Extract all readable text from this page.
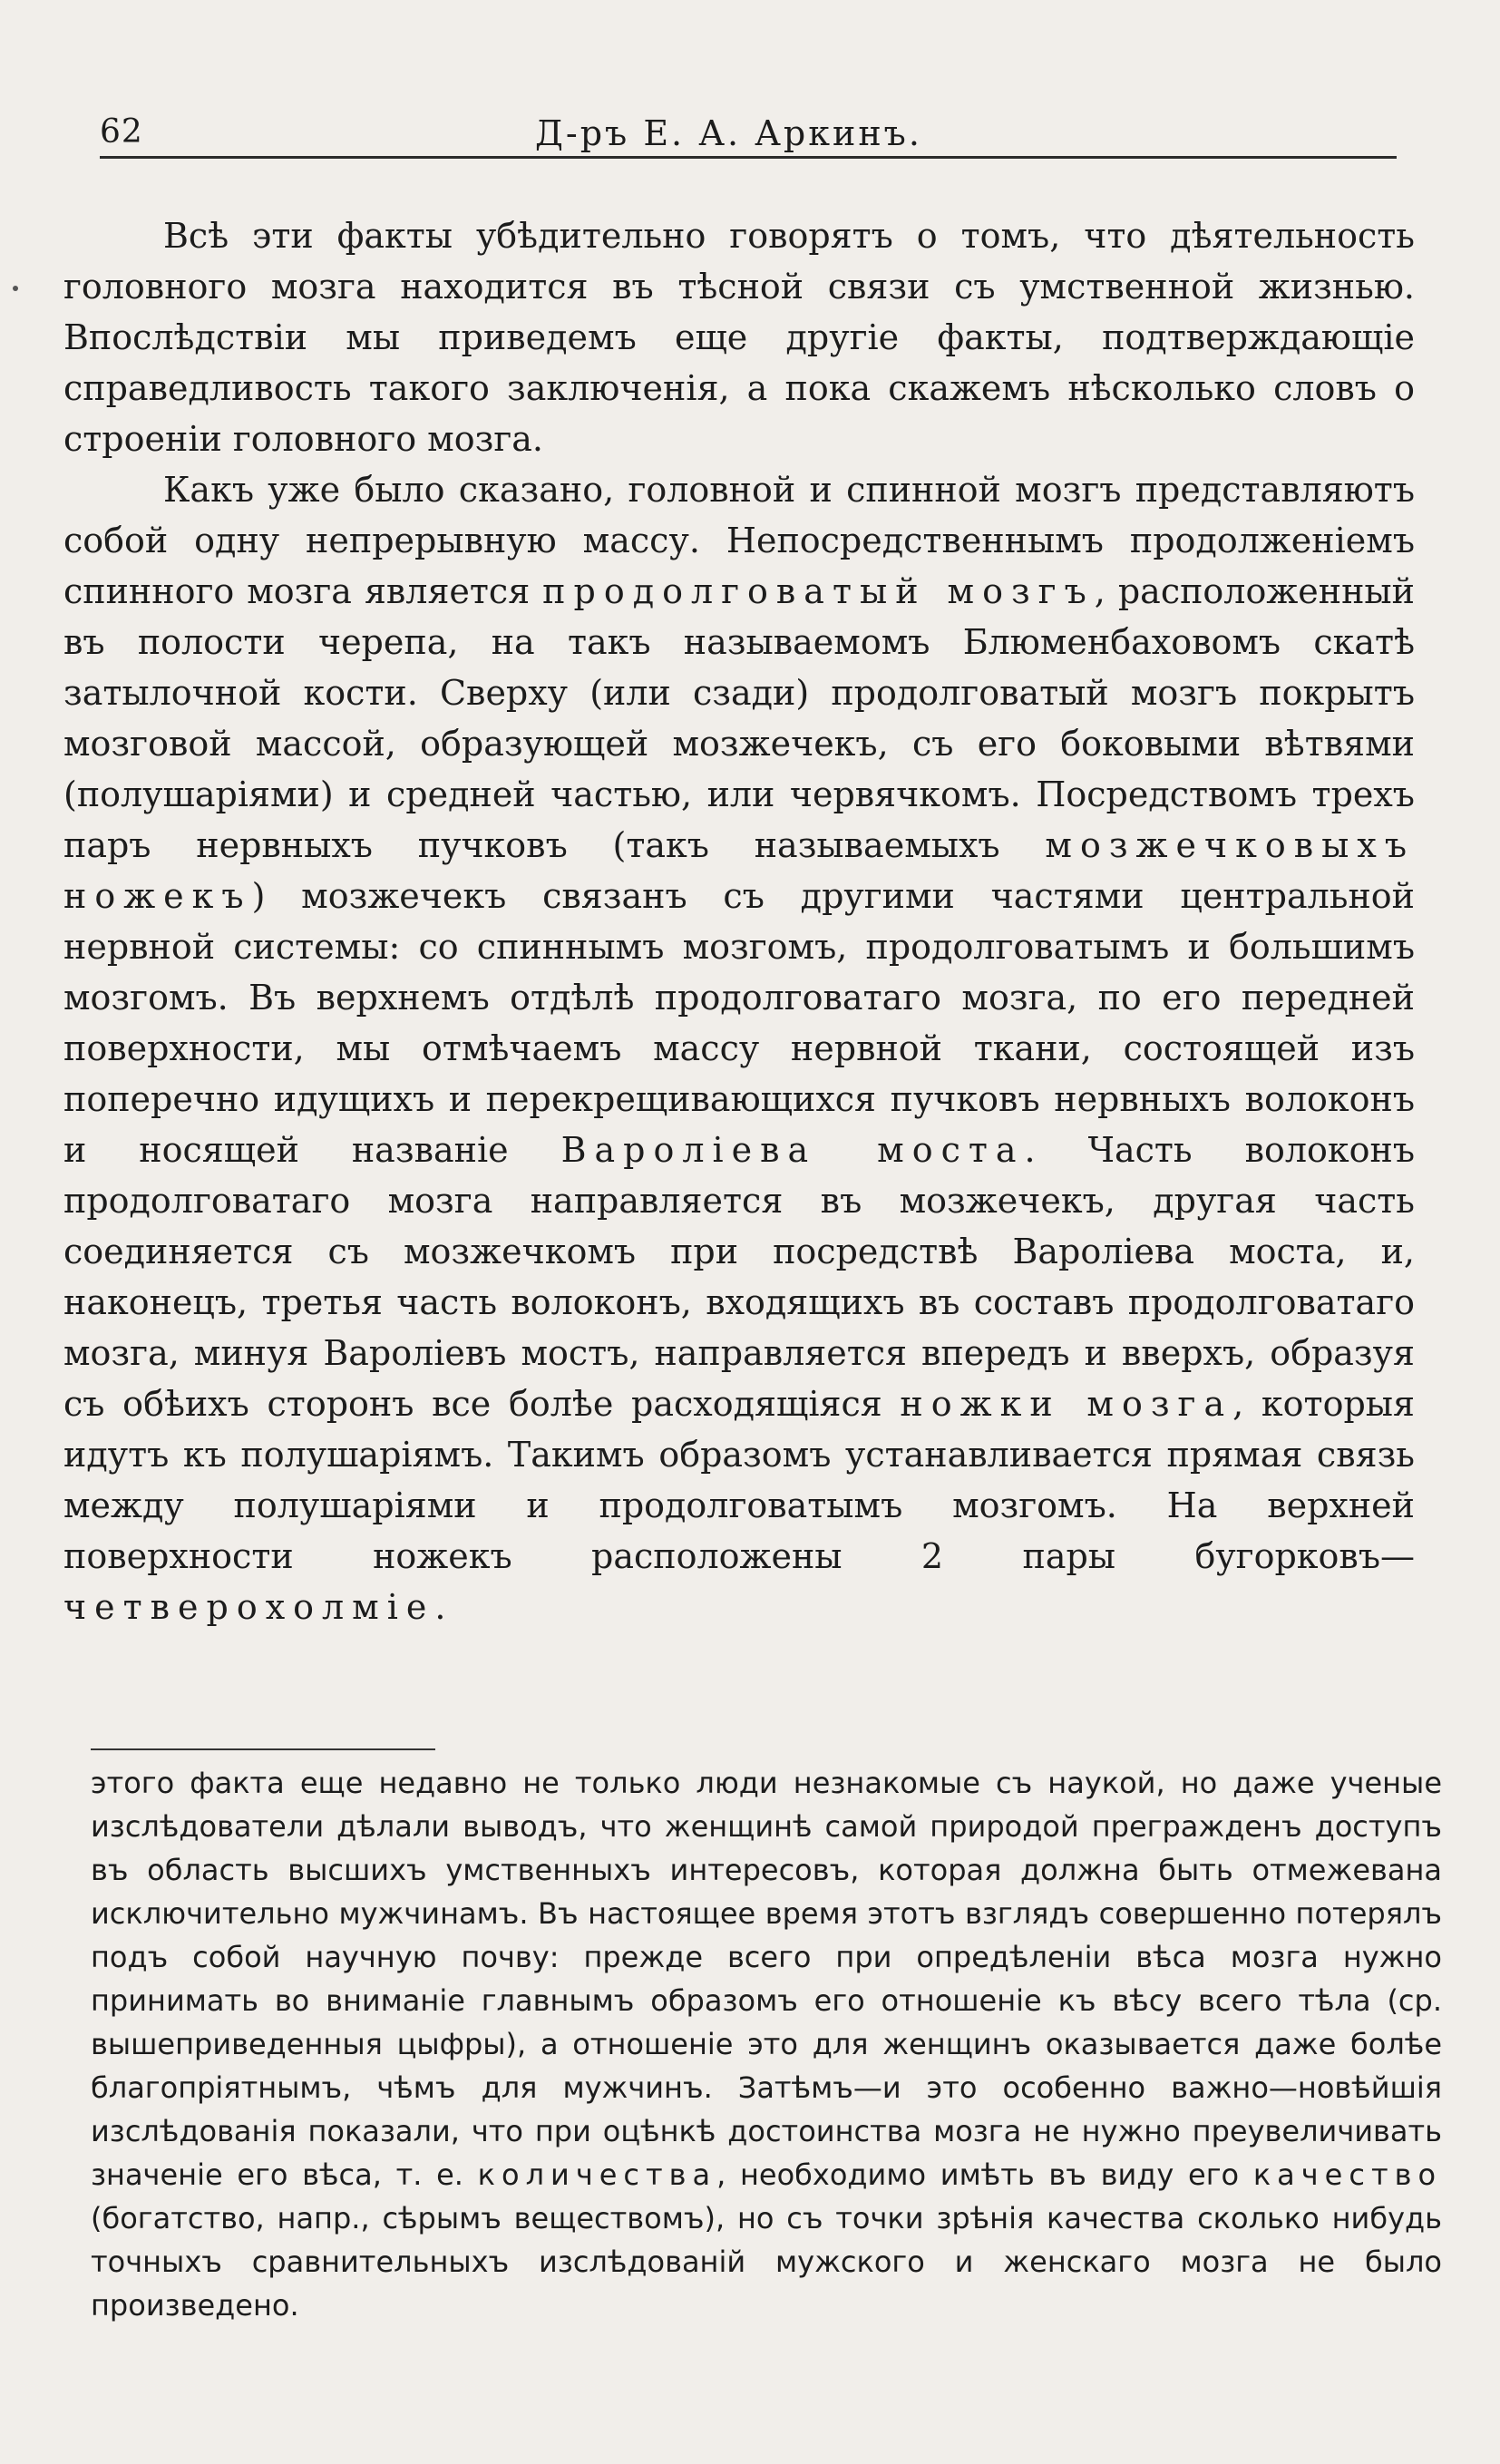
62	Д-ръ Е. А. Аркинъ.

Всѣ эти факты убѣдительно говорятъ о томъ, что дѣятельность головного мозга находится въ тѣсной связи съ умственной жизнью. Впослѣдствіи мы приведемъ еще другіе факты, подтверждающіе справедливость такого заключенія, а пока скажемъ нѣсколько словъ о строеніи головного мозга.

Какъ уже было сказано, головной и спинной мозгъ представляютъ собой одну непрерывную массу. Непосредственнымъ продолженіемъ спинного мозга является продолговатый мозгъ, расположенный въ полости черепа, на такъ называемомъ Блюменбаховомъ скатѣ затылочной кости. Сверху (или сзади) продолговатый мозгъ покрытъ мозговой массой, образующей мозжечекъ, съ его боковыми вѣтвями (полушаріями) и средней частью, или червячкомъ. Посредствомъ трехъ паръ нервныхъ пучковъ (такъ называемыхъ мозжечковыхъ ножекъ) мозжечекъ связанъ съ другими частями центральной нервной системы: со спиннымъ мозгомъ, продолговатымъ и большимъ мозгомъ. Въ верхнемъ отдѣлѣ продолговатаго мозга, по его передней поверхности, мы отмѣчаемъ массу нервной ткани, состоящей изъ поперечно идущихъ и перекрещивающихся пучковъ нервныхъ волоконъ и носящей названіе Вароліева моста. Часть волоконъ продолговатаго мозга направляется въ мозжечекъ, другая часть соединяется съ мозжечкомъ при посредствѣ Вароліева моста, и, наконецъ, третья часть волоконъ, входящихъ въ составъ продолговатаго мозга, минуя Вароліевъ мостъ, направляется впередъ и вверхъ, образуя съ обѣихъ сторонъ все болѣе расходящіяся ножки мозга, которыя идутъ къ полушаріямъ. Такимъ образомъ устанавливается прямая связь между полушаріями и продолговатымъ мозгомъ. На верхней поверхности ножекъ расположены 2 пары бугорковъ—четверохолміе.

этого факта еще недавно не только люди незнакомые съ наукой, но даже ученые изслѣдователи дѣлали выводъ, что женщинѣ самой природой прегражденъ доступъ въ область высшихъ умственныхъ интересовъ, которая должна быть отмежевана исключительно мужчинамъ. Въ настоящее время этотъ взглядъ совершенно потерялъ подъ собой научную почву: прежде всего при опредѣленіи вѣса мозга нужно принимать во вниманіе главнымъ образомъ его отношеніе къ вѣсу всего тѣла (ср. вышеприведенныя цыфры), а отношеніе это для женщинъ оказывается даже болѣе благопріятнымъ, чѣмъ для мужчинъ. Затѣмъ—и это особенно важно—новѣйшія изслѣдованія показали, что при оцѣнкѣ достоинства мозга не нужно преувеличивать значеніе его вѣса, т. е. количества, необходимо имѣть въ виду его качество (богатство, напр., сѣрымъ веществомъ), но съ точки зрѣнія качества сколько нибудь точныхъ сравнительныхъ изслѣдованій мужского и женскаго мозга не было произведено.
